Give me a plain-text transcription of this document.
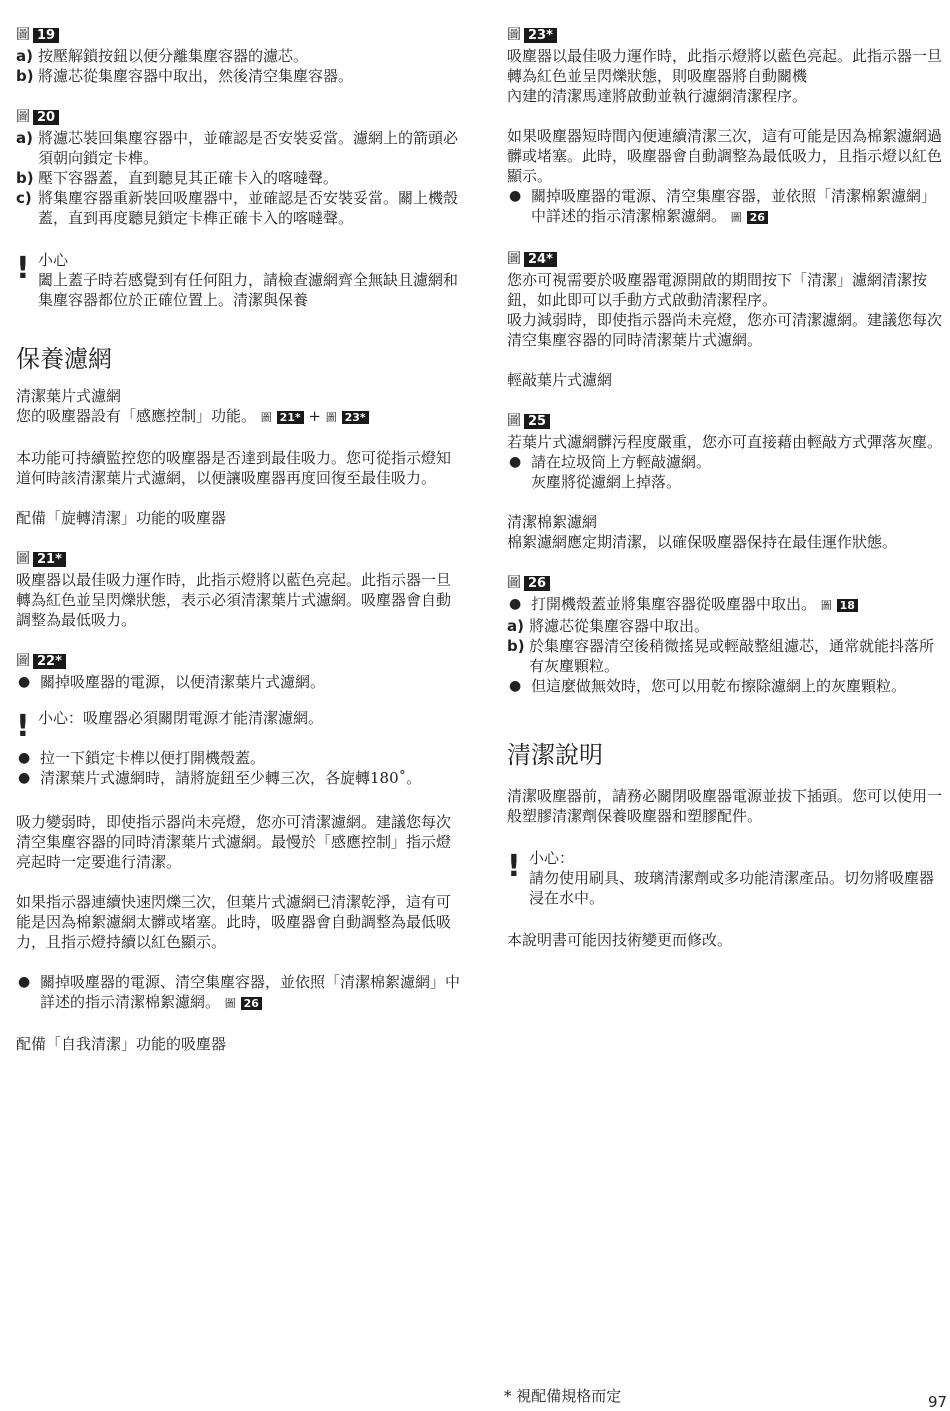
圖 19
a) 按壓解鎖按鈕以便分離集塵容器的濾芯。
b) 將濾芯從集塵容器中取出，然後清空集塵容器。
圖 20
a) 將濾芯裝回集塵容器中，並確認是否安裝妥當。濾網上的箭頭必須朝向鎖定卡榫。
b) 壓下容器蓋，直到聽見其正確卡入的喀噠聲。
c) 將集塵容器重新裝回吸塵器中，並確認是否安裝妥當。關上機殼蓋，直到再度聽見鎖定卡榫正確卡入的喀噠聲。
! 小心

闔上蓋子時若感覺到有任何阻力，請檢查濾網齊全無缺且濾網和集塵容器都位於正確位置上。清潔與保養

保養濾網

清潔葉片式濾網

您的吸塵器設有「感應控制」功能。 圖 21* + 圖 23*

本功能可持續監控您的吸塵器是否達到最佳吸力。您可從指示燈知道何時該清潔葉片式濾網，以便讓吸塵器再度回復至最佳吸力。

配備「旋轉清潔」功能的吸塵器

圖 21*

吸塵器以最佳吸力運作時，此指示燈將以藍色亮起。此指示器一旦轉為紅色並呈閃爍狀態，表示必須清潔葉片式濾網。吸塵器會自動調整為最低吸力。

圖 22*
● 關掉吸塵器的電源，以便清潔葉片式濾網。
! 小心：吸塵器必須關閉電源才能清潔濾網。

● 拉一下鎖定卡榫以便打開機殼蓋。
● 清潔葉片式濾網時，請將旋鈕至少轉三次，各旋轉180˚。

吸力變弱時，即使指示器尚未亮燈，您亦可清潔濾網。建議您每次清空集塵容器的同時清潔葉片式濾網。最慢於「感應控制」指示燈亮起時一定要進行清潔。

如果指示器連續快速閃爍三次，但葉片式濾網已清潔乾淨，這有可能是因為棉絮濾網太髒或堵塞。此時，吸塵器會自動調整為最低吸力，且指示燈持續以紅色顯示。

● 關掉吸塵器的電源、清空集塵容器，並依照「清潔棉絮濾網」中詳述的指示清潔棉絮濾網。 圖 26

配備「自我清潔」功能的吸塵器

圖 23*

吸塵器以最佳吸力運作時，此指示燈將以藍色亮起。此指示器一旦轉為紅色並呈閃爍狀態，則吸塵器將自動關機

內建的清潔馬達將啟動並執行濾網清潔程序。

如果吸塵器短時間內便連續清潔三次，這有可能是因為棉絮濾網過髒或堵塞。此時，吸塵器會自動調整為最低吸力，且指示燈以紅色顯示。

● 關掉吸塵器的電源、清空集塵容器，並依照「清潔棉絮濾網」中詳述的指示清潔棉絮濾網。 圖 26
圖 24*

您亦可視需要於吸塵器電源開啟的期間按下「清潔」濾網清潔按鈕，如此即可以手動方式啟動清潔程序。

吸力減弱時，即使指示器尚未亮燈，您亦可清潔濾網。建議您每次清空集塵容器的同時清潔葉片式濾網。

輕敲葉片式濾網

圖 25

若葉片式濾網髒污程度嚴重，您亦可直接藉由輕敲方式彈落灰塵。

● 請在垃圾筒上方輕敲濾網。

灰塵將從濾網上掉落。

清潔棉絮濾網

棉絮濾網應定期清潔，以確保吸塵器保持在最佳運作狀態。

圖 26
● 打開機殼蓋並將集塵容器從吸塵器中取出。 圖 18
a) 將濾芯從集塵容器中取出。
b) 於集塵容器清空後稍微搖晃或輕敲整組濾芯，通常就能抖落所有灰塵顆粒。
● 但這麼做無效時，您可以用乾布擦除濾網上的灰塵顆粒。
清潔說明

清潔吸塵器前，請務必關閉吸塵器電源並拔下插頭。您可以使用一般塑膠清潔劑保養吸塵器和塑膠配件。

! 小心：

請勿使用刷具、玻璃清潔劑或多功能清潔產品。切勿將吸塵器浸在水中。

本說明書可能因技術變更而修改。

* 視配備規格而定	97
